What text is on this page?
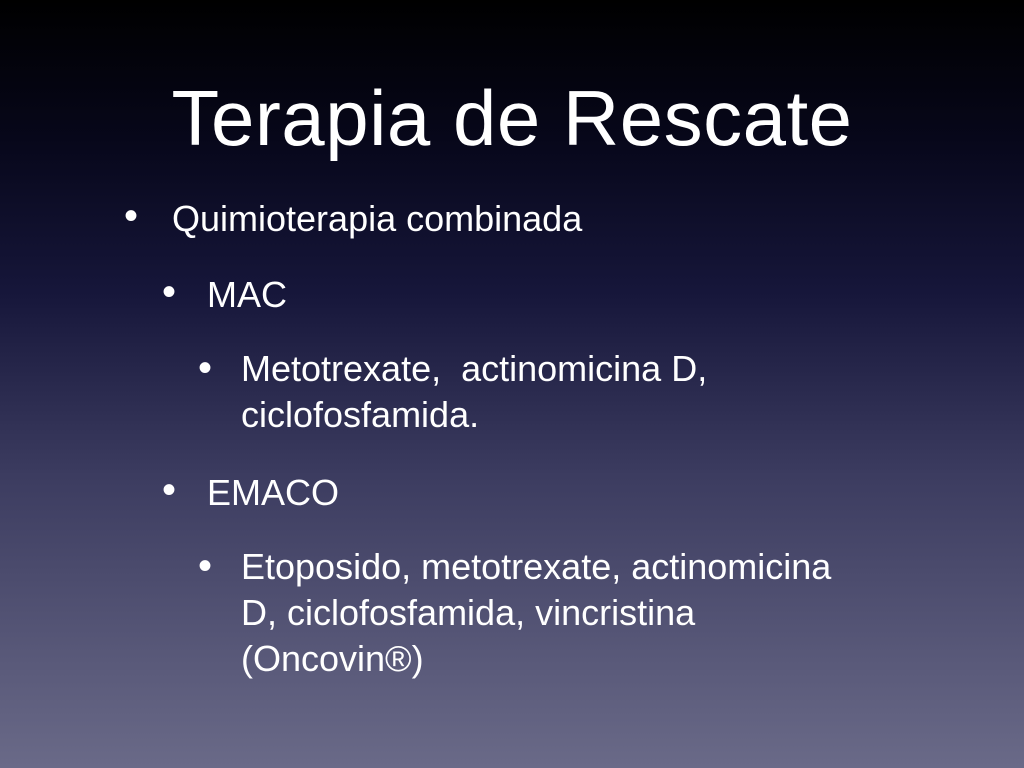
Terapia de Rescate
• Quimioterapia combinada
• MAC
• Metotrexate,  actinomicina D, ciclofosfamida.
• EMACO
• Etoposido, metotrexate, actinomicina D, ciclofosfamida, vincristina (Oncovin®)
